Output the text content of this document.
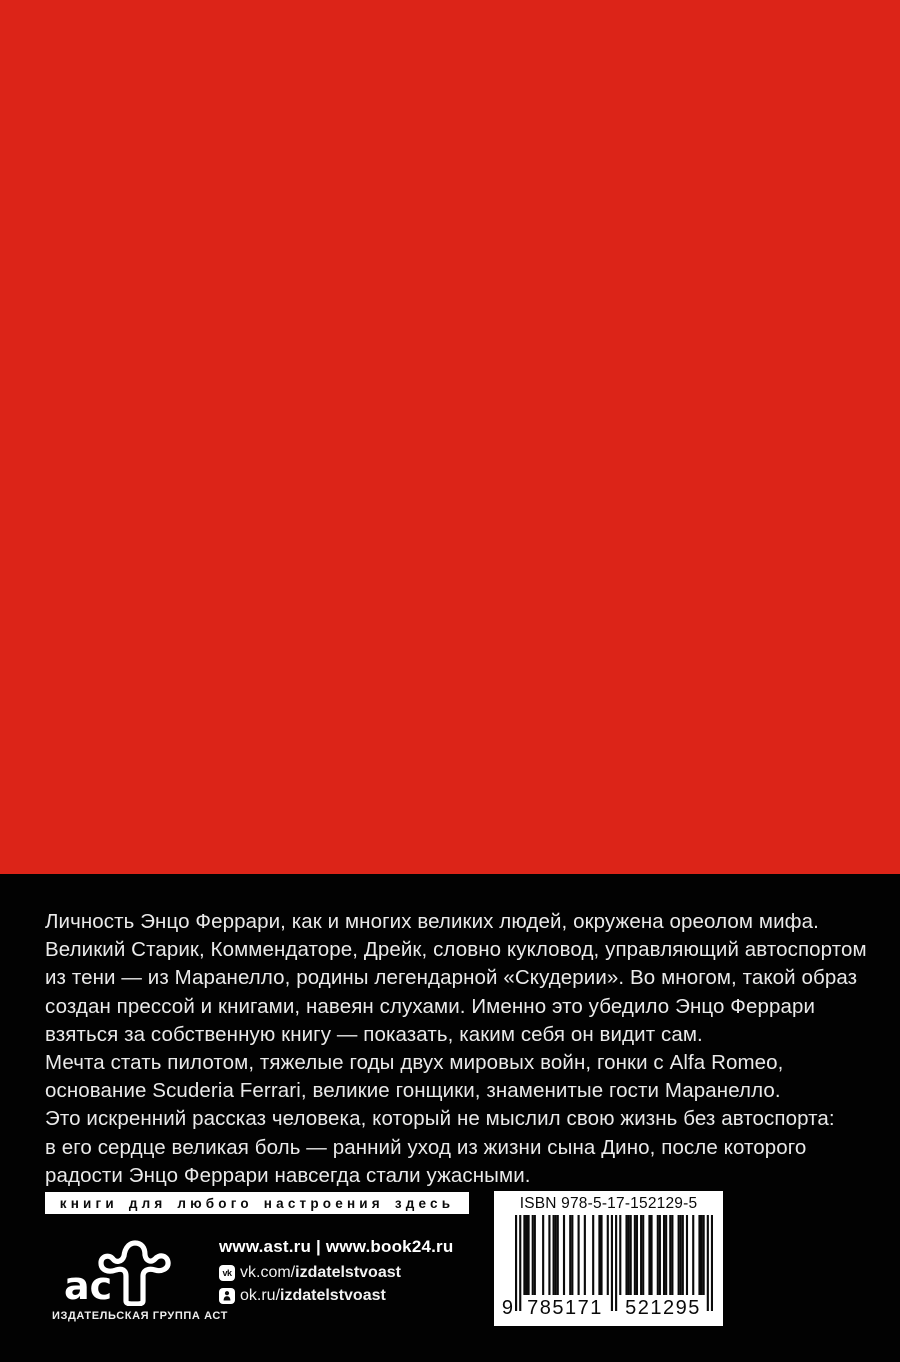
Личность Энцо Феррари, как и многих великих людей, окружена ореолом мифа.
Великий Старик, Коммендаторе, Дрейк, словно кукловод, управляющий автоспортом
из тени — из Маранелло, родины легендарной «Скудерии». Во многом, такой образ
создан прессой и книгами, навеян слухами. Именно это убедило Энцо Феррари
взяться за собственную книгу — показать, каким себя он видит сам.
Мечта стать пилотом, тяжелые годы двух мировых войн, гонки с Alfa Romeo,
основание Scuderia Ferrari, великие гонщики, знаменитые гости Маранелло.
Это искренний рассказ человека, который не мыслил свою жизнь без автоспорта:
в его сердце великая боль — ранний уход из жизни сына Дино, после которого
радости Энцо Феррари навсегда стали ужасными.
книги для любого настроения здесь
ас
ИЗДАТЕЛЬСКАЯ ГРУППА АСТ
www.ast.ru | www.book24.ru
vk vk.com/izdatelstvoast
ok.ru/izdatelstvoast
ISBN 978-5-17-152129-5
9 785171	521295
